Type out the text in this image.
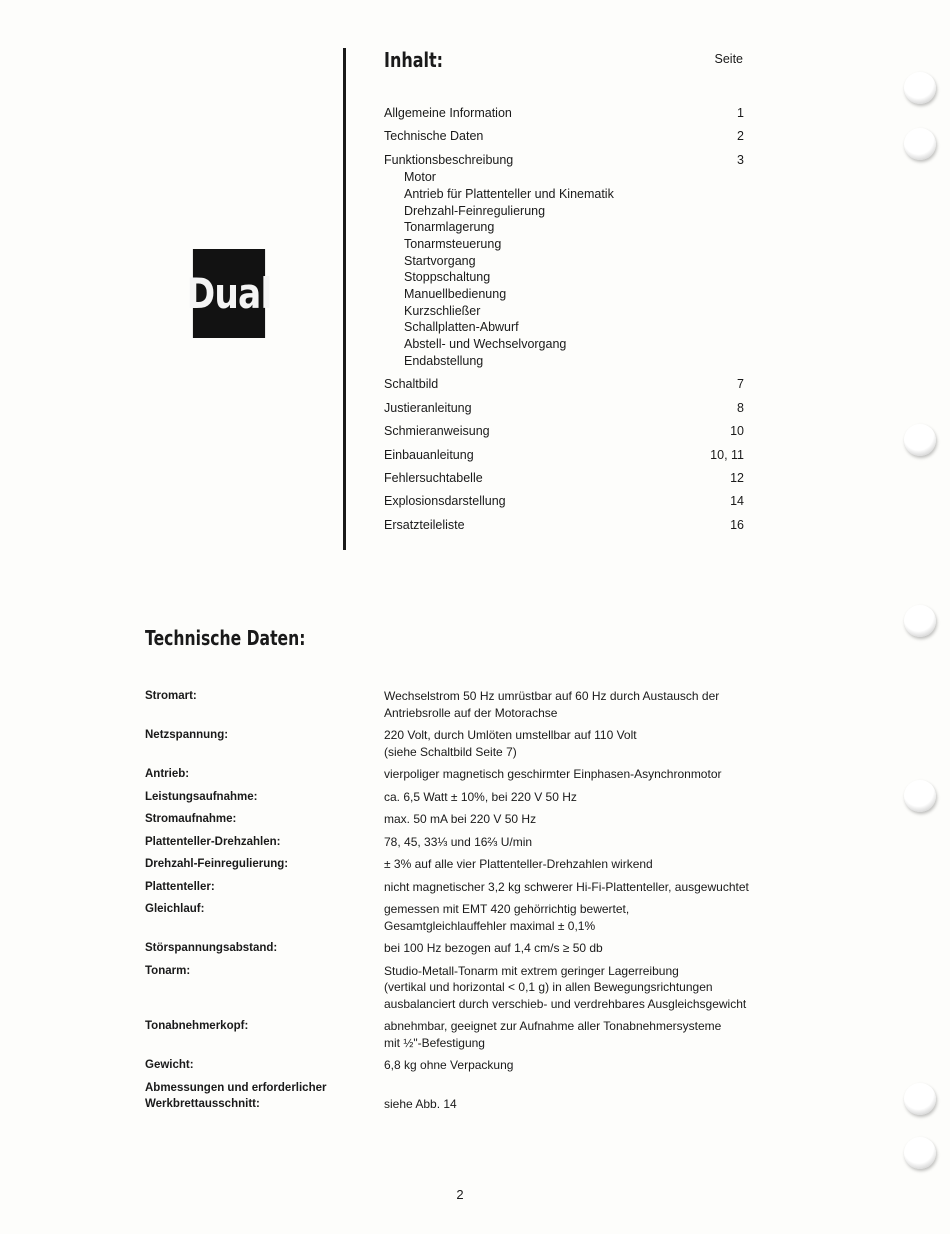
Dual
Inhalt:	Seite
Allgemeine Information	1
Technische Daten	2
Funktionsbeschreibung	3
Motor
Antrieb für Plattenteller und Kinematik
Drehzahl-Feinregulierung
Tonarmlagerung
Tonarmsteuerung
Startvorgang
Stoppschaltung
Manuellbedienung
Kurzschließer
Schallplatten-Abwurf
Abstell- und Wechselvorgang
Endabstellung
Schaltbild	7
Justieranleitung	8
Schmieranweisung	10
Einbauanleitung	10, 11
Fehlersuchtabelle	12
Explosionsdarstellung	14
Ersatzteileliste	16
Technische Daten:
Stromart:	Wechselstrom 50 Hz umrüstbar auf 60 Hz durch Austausch der
Antriebsrolle auf der Motorachse
Netzspannung:	220 Volt, durch Umlöten umstellbar auf 110 Volt
(siehe Schaltbild Seite 7)
Antrieb:	vierpoliger magnetisch geschirmter Einphasen-Asynchronmotor
Leistungsaufnahme:	ca. 6,5 Watt ± 10%, bei 220 V 50 Hz
Stromaufnahme:	max. 50 mA bei 220 V 50 Hz
Plattenteller-Drehzahlen:	78, 45, 33⅓ und 16⅔ U/min
Drehzahl-Feinregulierung:	± 3% auf alle vier Plattenteller-Drehzahlen wirkend
Plattenteller:	nicht magnetischer 3,2 kg schwerer Hi-Fi-Plattenteller, ausgewuchtet
Gleichlauf:	gemessen mit EMT 420 gehörrichtig bewertet,
Gesamtgleichlauffehler maximal ± 0,1%
Störspannungsabstand:	bei 100 Hz bezogen auf 1,4 cm/s ≥ 50 db
Tonarm:	Studio-Metall-Tonarm mit extrem geringer Lagerreibung
(vertikal und horizontal < 0,1 g) in allen Bewegungsrichtungen
ausbalanciert durch verschieb- und verdrehbares Ausgleichsgewicht
Tonabnehmerkopf:	abnehmbar, geeignet zur Aufnahme aller Tonabnehmersysteme
mit ½"-Befestigung
Gewicht:	6,8 kg ohne Verpackung
Abmessungen und erforderlicher
Werkbrettausschnitt:
	siehe Abb. 14
2
